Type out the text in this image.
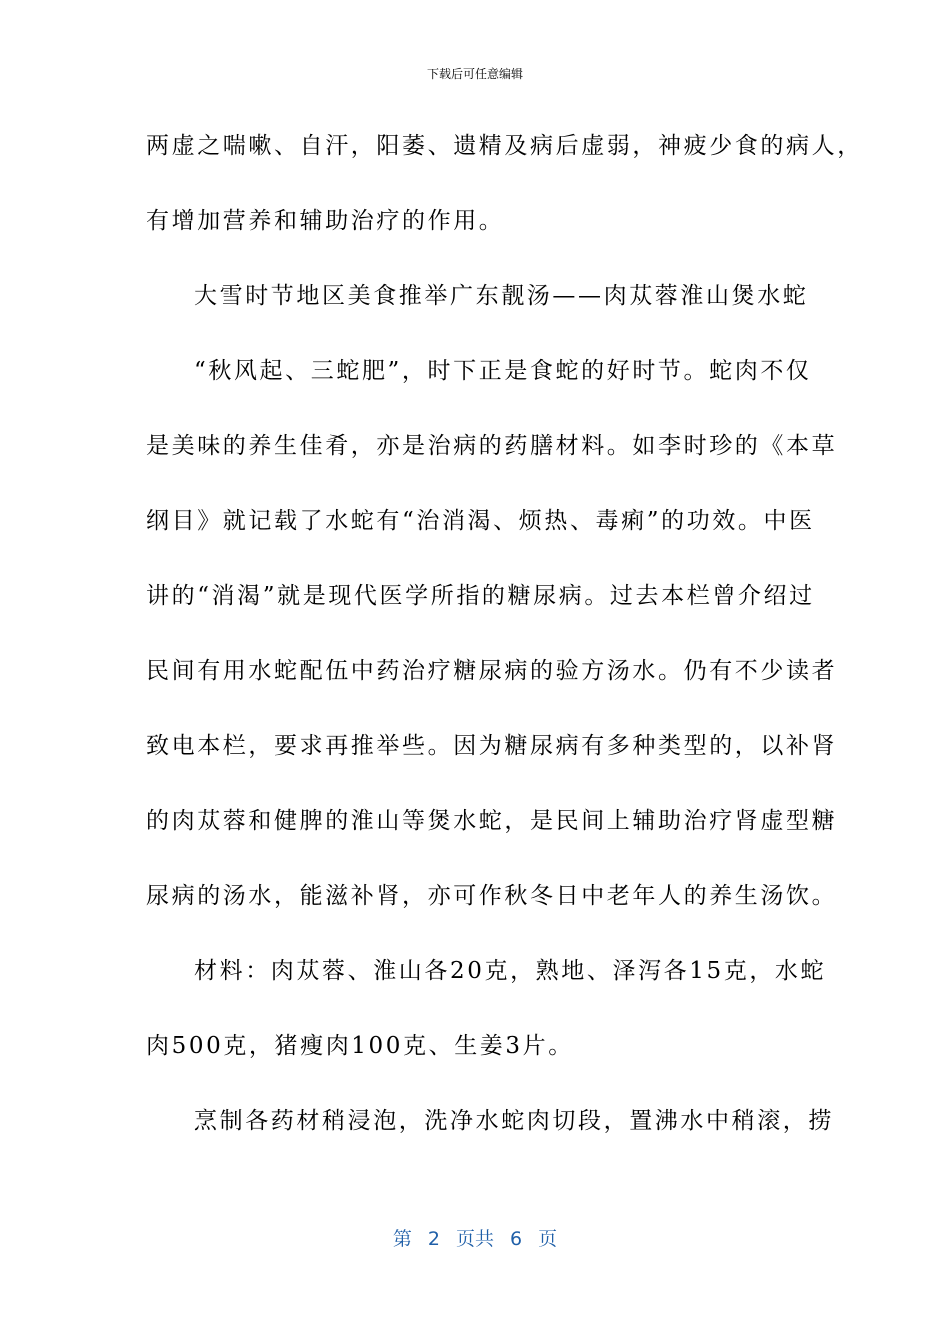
下载后可任意编辑
两虚之喘嗽、自汗，阳萎、遗精及病后虚弱，神疲少食的病人，
有增加营养和辅助治疗的作用。
大雪时节地区美食推举广东靓汤——肉苁蓉淮山煲水蛇
“秋风起、三蛇肥”，时下正是食蛇的好时节。蛇肉不仅
是美味的养生佳肴，亦是治病的药膳材料。如李时珍的《本草
纲目》就记载了水蛇有“治消渴、烦热、毒痢”的功效。中医
讲的“消渴”就是现代医学所指的糖尿病。过去本栏曾介绍过
民间有用水蛇配伍中药治疗糖尿病的验方汤水。仍有不少读者
致电本栏，要求再推举些。因为糖尿病有多种类型的，以补肾
的肉苁蓉和健脾的淮山等煲水蛇，是民间上辅助治疗肾虚型糖
尿病的汤水，能滋补肾，亦可作秋冬日中老年人的养生汤饮。
材料：肉苁蓉、淮山各20克，熟地、泽泻各15克，水蛇
肉500克，猪瘦肉100克、生姜3片。
烹制各药材稍浸泡，洗净水蛇肉切段，置沸水中稍滚，捞
第 2 页共 6 页
